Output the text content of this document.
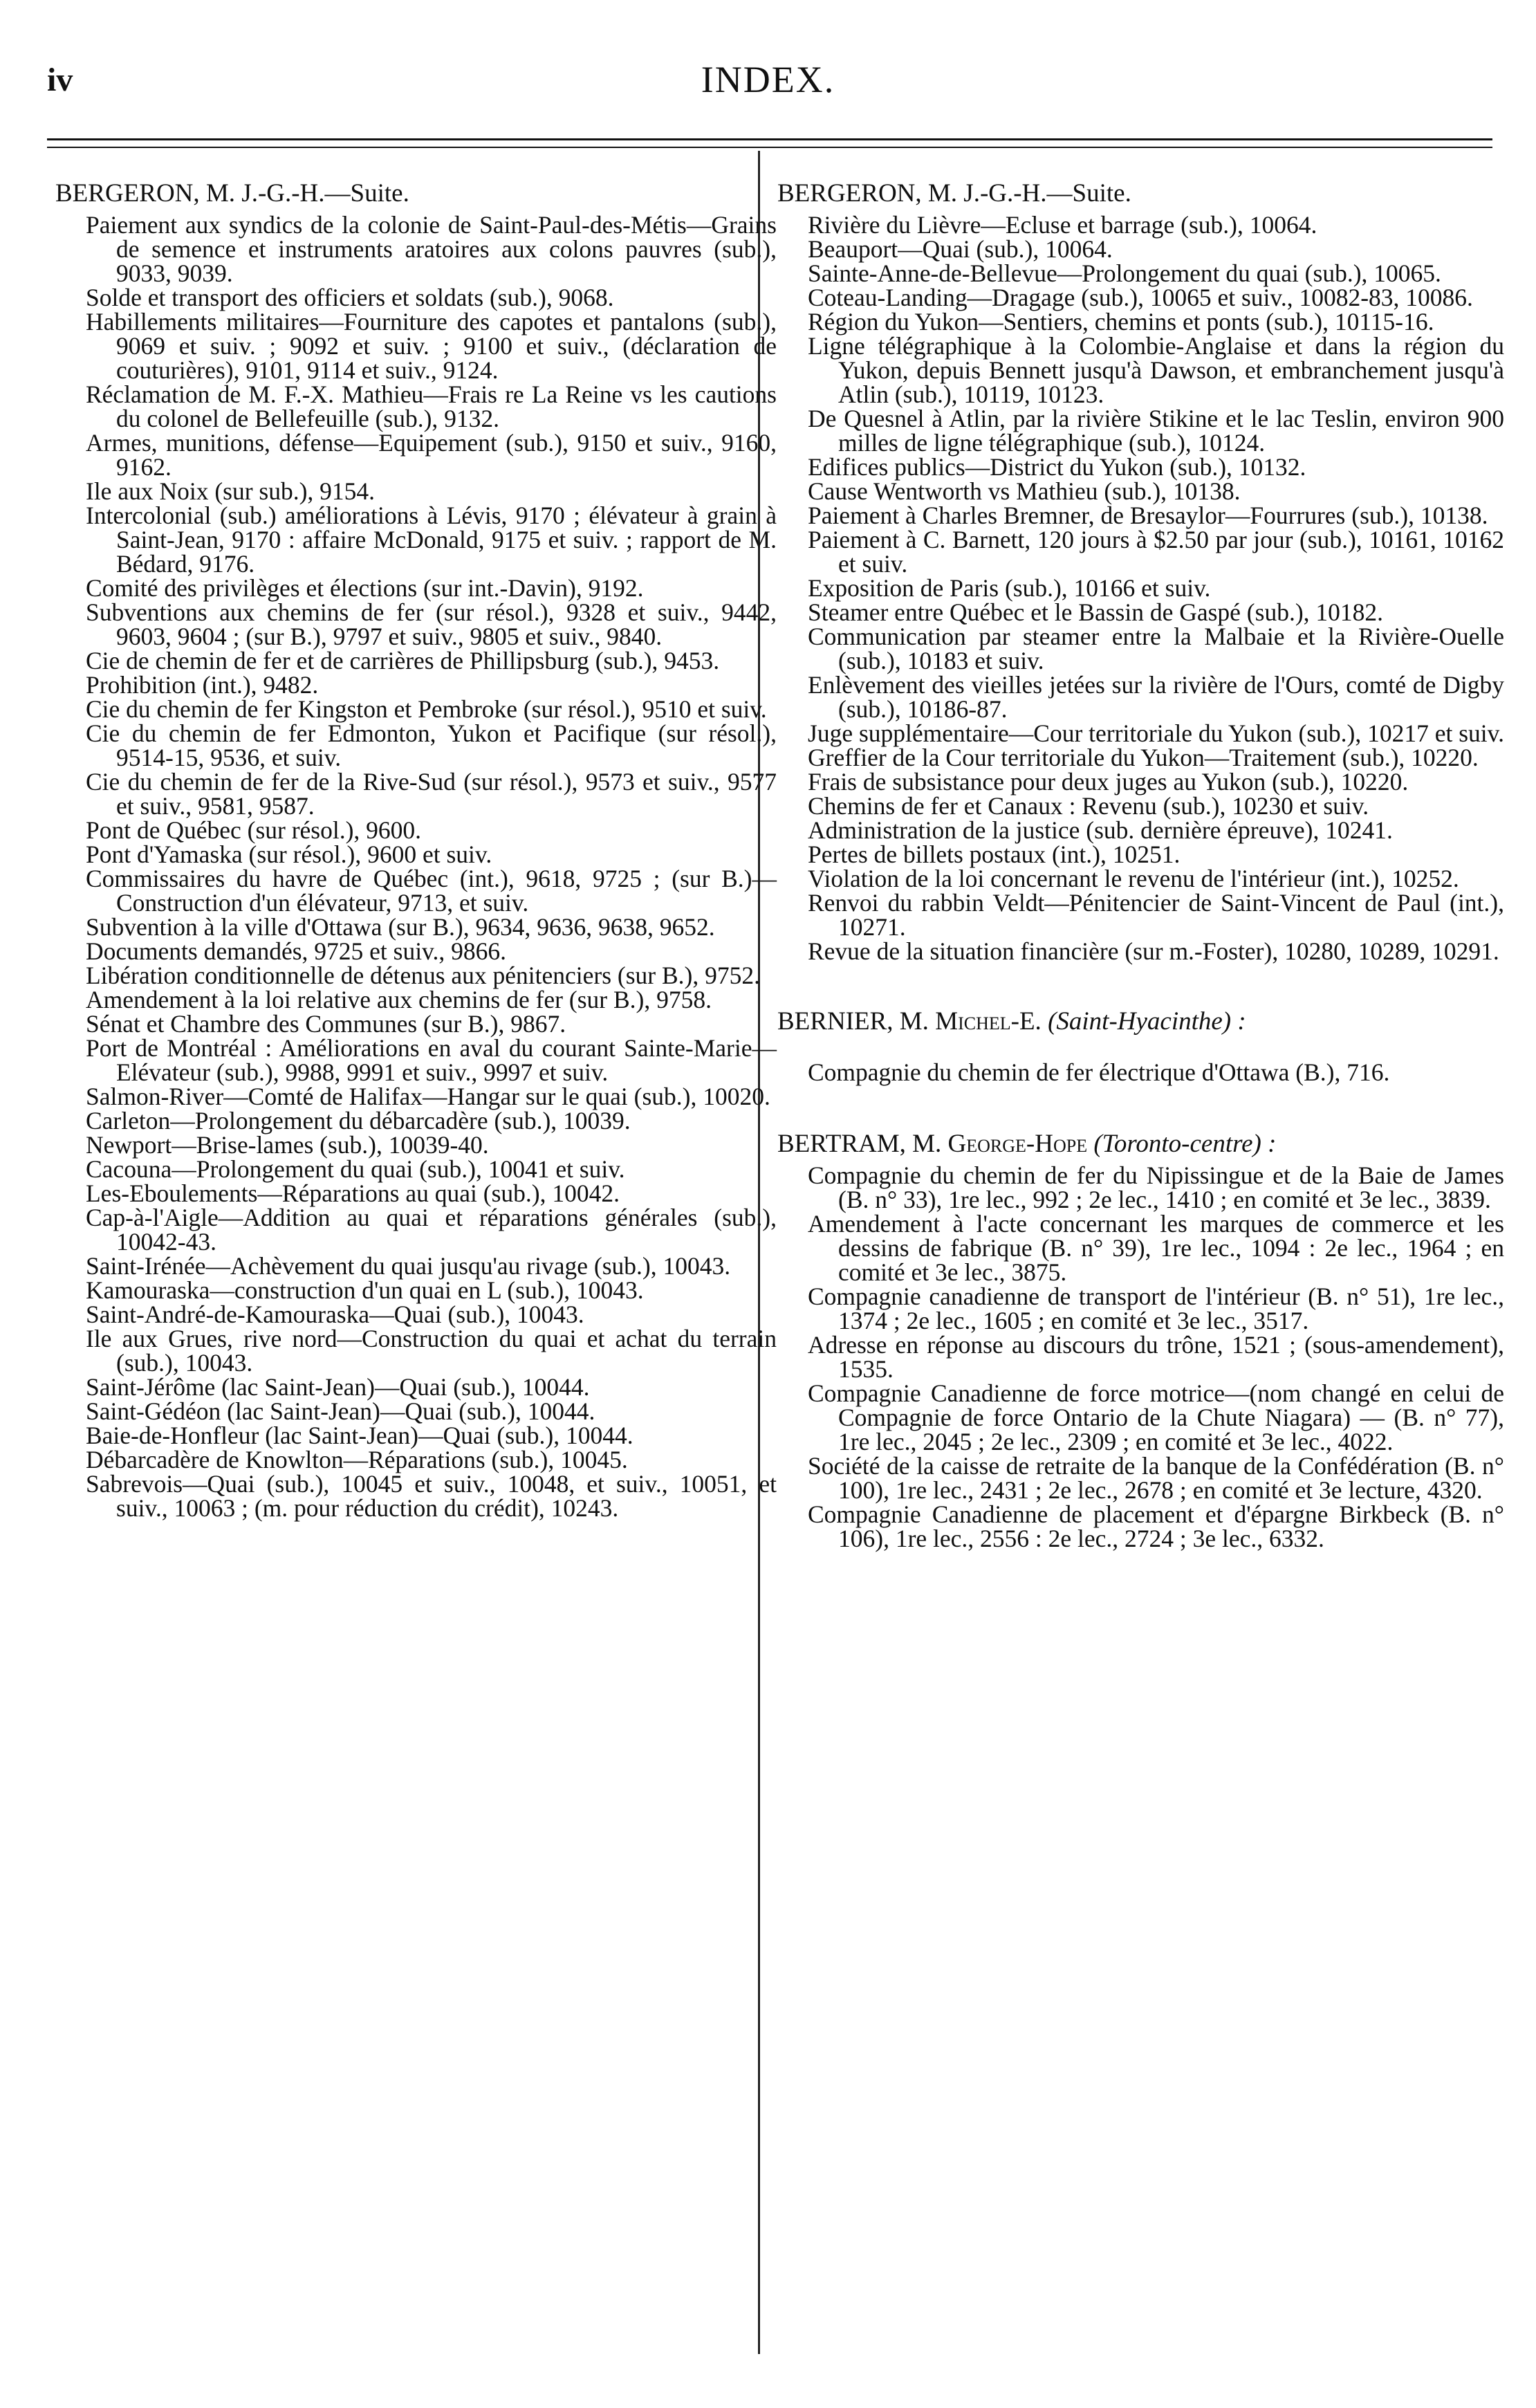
iv	INDEX.
BERGERON, M. J.-G.-H.—Suite.
Paiement aux syndics de la colonie de Saint-Paul-des-Métis—Grains de semence et instruments aratoires aux colons pauvres (sub.), 9033, 9039.
Solde et transport des officiers et soldats (sub.), 9068.
Habillements militaires—Fourniture des capotes et pantalons (sub.), 9069 et suiv. ; 9092 et suiv. ; 9100 et suiv., (déclaration de couturières), 9101, 9114 et suiv., 9124.
Réclamation de M. F.-X. Mathieu—Frais re La Reine vs les cautions du colonel de Bellefeuille (sub.), 9132.
Armes, munitions, défense—Equipement (sub.), 9150 et suiv., 9160, 9162.
Ile aux Noix (sur sub.), 9154.
Intercolonial (sub.) améliorations à Lévis, 9170 ; élévateur à grain à Saint-Jean, 9170 : affaire McDonald, 9175 et suiv. ; rapport de M. Bédard, 9176.
Comité des privilèges et élections (sur int.-Davin), 9192.
Subventions aux chemins de fer (sur résol.), 9328 et suiv., 9442, 9603, 9604 ; (sur B.), 9797 et suiv., 9805 et suiv., 9840.
Cie de chemin de fer et de carrières de Phillipsburg (sub.), 9453.
Prohibition (int.), 9482.
Cie du chemin de fer Kingston et Pembroke (sur résol.), 9510 et suiv.
Cie du chemin de fer Edmonton, Yukon et Pacifique (sur résol.), 9514-15, 9536, et suiv.
Cie du chemin de fer de la Rive-Sud (sur résol.), 9573 et suiv., 9577 et suiv., 9581, 9587.
Pont de Québec (sur résol.), 9600.
Pont d'Yamaska (sur résol.), 9600 et suiv.
Commissaires du havre de Québec (int.), 9618, 9725 ; (sur B.)—Construction d'un élévateur, 9713, et suiv.
Subvention à la ville d'Ottawa (sur B.), 9634, 9636, 9638, 9652.
Documents demandés, 9725 et suiv., 9866.
Libération conditionnelle de détenus aux pénitenciers (sur B.), 9752.
Amendement à la loi relative aux chemins de fer (sur B.), 9758.
Sénat et Chambre des Communes (sur B.), 9867.
Port de Montréal : Améliorations en aval du courant Sainte-Marie—Elévateur (sub.), 9988, 9991 et suiv., 9997 et suiv.
Salmon-River—Comté de Halifax—Hangar sur le quai (sub.), 10020.
Carleton—Prolongement du débarcadère (sub.), 10039.
Newport—Brise-lames (sub.), 10039-40.
Cacouna—Prolongement du quai (sub.), 10041 et suiv.
Les-Eboulements—Réparations au quai (sub.), 10042.
Cap-à-l'Aigle—Addition au quai et réparations générales (sub.), 10042-43.
Saint-Irénée—Achèvement du quai jusqu'au rivage (sub.), 10043.
Kamouraska—construction d'un quai en L (sub.), 10043.
Saint-André-de-Kamouraska—Quai (sub.), 10043.
Ile aux Grues, rive nord—Construction du quai et achat du terrain (sub.), 10043.
Saint-Jérôme (lac Saint-Jean)—Quai (sub.), 10044.
Saint-Gédéon (lac Saint-Jean)—Quai (sub.), 10044.
Baie-de-Honfleur (lac Saint-Jean)—Quai (sub.), 10044.
Débarcadère de Knowlton—Réparations (sub.), 10045.
Sabrevois—Quai (sub.), 10045 et suiv., 10048, et suiv., 10051, et suiv., 10063 ; (m. pour réduction du crédit), 10243.
BERGERON, M. J.-G.-H.—Suite.
Rivière du Lièvre—Ecluse et barrage (sub.), 10064.
Beauport—Quai (sub.), 10064.
Sainte-Anne-de-Bellevue—Prolongement du quai (sub.), 10065.
Coteau-Landing—Dragage (sub.), 10065 et suiv., 10082-83, 10086.
Région du Yukon—Sentiers, chemins et ponts (sub.), 10115-16.
Ligne télégraphique à la Colombie-Anglaise et dans la région du Yukon, depuis Bennett jusqu'à Dawson, et embranchement jusqu'à Atlin (sub.), 10119, 10123.
De Quesnel à Atlin, par la rivière Stikine et le lac Teslin, environ 900 milles de ligne télégraphique (sub.), 10124.
Edifices publics—District du Yukon (sub.), 10132.
Cause Wentworth vs Mathieu (sub.), 10138.
Paiement à Charles Bremner, de Bresaylor—Fourrures (sub.), 10138.
Paiement à C. Barnett, 120 jours à $2.50 par jour (sub.), 10161, 10162 et suiv.
Exposition de Paris (sub.), 10166 et suiv.
Steamer entre Québec et le Bassin de Gaspé (sub.), 10182.
Communication par steamer entre la Malbaie et la Rivière-Ouelle (sub.), 10183 et suiv.
Enlèvement des vieilles jetées sur la rivière de l'Ours, comté de Digby (sub.), 10186-87.
Juge supplémentaire—Cour territoriale du Yukon (sub.), 10217 et suiv.
Greffier de la Cour territoriale du Yukon—Traitement (sub.), 10220.
Frais de subsistance pour deux juges au Yukon (sub.), 10220.
Chemins de fer et Canaux : Revenu (sub.), 10230 et suiv.
Administration de la justice (sub. dernière épreuve), 10241.
Pertes de billets postaux (int.), 10251.
Violation de la loi concernant le revenu de l'intérieur (int.), 10252.
Renvoi du rabbin Veldt—Pénitencier de Saint-Vincent de Paul (int.), 10271.
Revue de la situation financière (sur m.-Foster), 10280, 10289, 10291.
BERNIER, M. Michel-E. (Saint-Hyacinthe) :
Compagnie du chemin de fer électrique d'Ottawa (B.), 716.
BERTRAM, M. George-Hope (Toronto-centre) :
Compagnie du chemin de fer du Nipissingue et de la Baie de James (B. n° 33), 1re lec., 992 ; 2e lec., 1410 ; en comité et 3e lec., 3839.
Amendement à l'acte concernant les marques de commerce et les dessins de fabrique (B. n° 39), 1re lec., 1094 : 2e lec., 1964 ; en comité et 3e lec., 3875.
Compagnie canadienne de transport de l'intérieur (B. n° 51), 1re lec., 1374 ; 2e lec., 1605 ; en comité et 3e lec., 3517.
Adresse en réponse au discours du trône, 1521 ; (sous-amendement), 1535.
Compagnie Canadienne de force motrice—(nom changé en celui de Compagnie de force Ontario de la Chute Niagara) — (B. n° 77), 1re lec., 2045 ; 2e lec., 2309 ; en comité et 3e lec., 4022.
Société de la caisse de retraite de la banque de la Confédération (B. n° 100), 1re lec., 2431 ; 2e lec., 2678 ; en comité et 3e lecture, 4320.
Compagnie Canadienne de placement et d'épargne Birkbeck (B. n° 106), 1re lec., 2556 : 2e lec., 2724 ; 3e lec., 6332.
